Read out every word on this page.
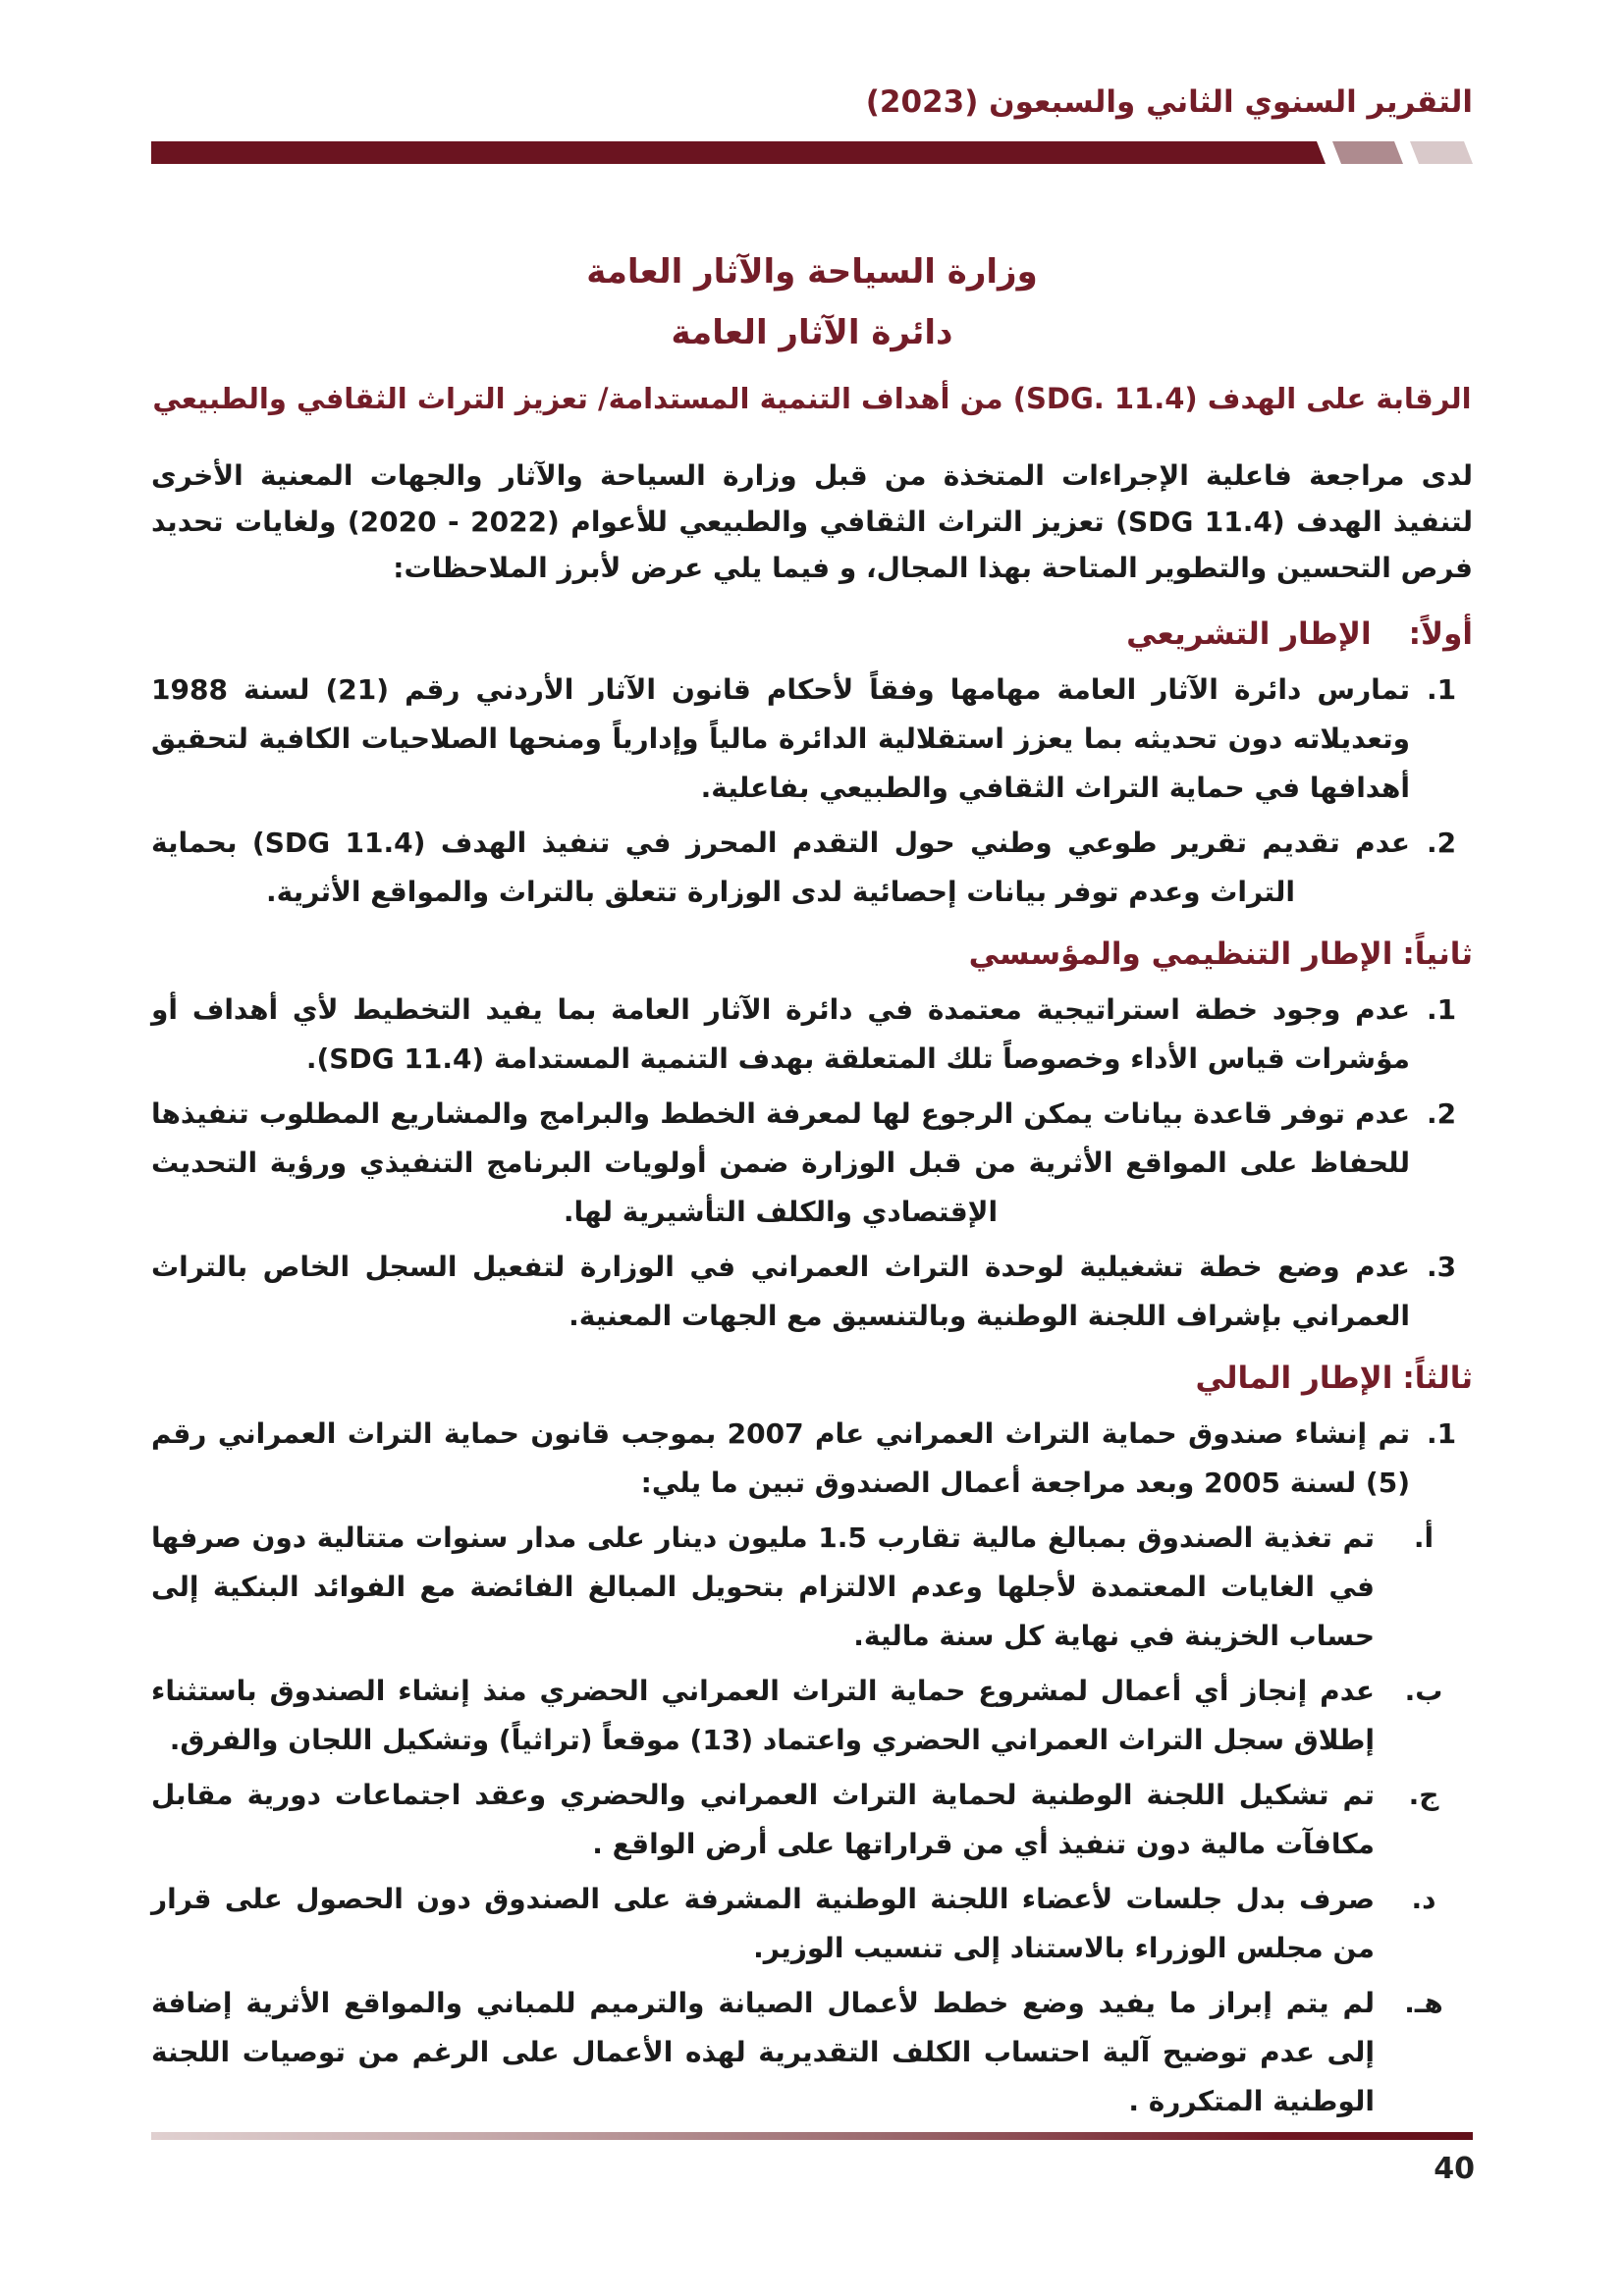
التقرير السنوي الثاني والسبعون (2023)
وزارة السياحة والآثار العامة
دائرة الآثار العامة
الرقابة على الهدف ‪(SDG. 11.4)‬ من أهداف التنمية المستدامة/ تعزيز التراث الثقافي والطبيعي
لدى مراجعة فاعلية الإجراءات المتخذة من قبل وزارة السياحة والآثار والجهات المعنية الأخرى لتنفيذ الهدف ‪(SDG 11.4)‬ تعزيز التراث الثقافي والطبيعي للأعوام ‪(2020 - 2022)‬ ولغايات تحديد فرص التحسين والتطوير المتاحة بهذا المجال، و فيما يلي عرض لأبرز الملاحظات:
أولاً:الإطار التشريعي
1.
تمارس دائرة الآثار العامة مهامها وفقاً لأحكام قانون الآثار الأردني رقم (21) لسنة 1988 وتعديلاته دون تحديثه بما يعزز استقلالية الدائرة مالياً وإدارياً ومنحها الصلاحيات الكافية لتحقيق أهدافها في حماية التراث الثقافي والطبيعي بفاعلية.
2.
عدم تقديم تقرير طوعي وطني حول التقدم المحرز في تنفيذ الهدف ‪(SDG 11.4)‬ بحماية التراث وعدم توفر بيانات إحصائية لدى الوزارة تتعلق بالتراث والمواقع الأثرية.
ثانياً:الإطار التنظيمي والمؤسسي
1.
عدم وجود خطة استراتيجية معتمدة في دائرة الآثار العامة بما يفيد التخطيط لأي أهداف أو مؤشرات قياس الأداء وخصوصاً تلك المتعلقة بهدف التنمية المستدامة ‪(SDG 11.4)‬.
2.
عدم توفر قاعدة بيانات يمكن الرجوع لها لمعرفة الخطط والبرامج والمشاريع المطلوب تنفيذها للحفاظ على المواقع الأثرية من قبل الوزارة ضمن أولويات البرنامج التنفيذي ورؤية التحديث الإقتصادي والكلف التأشيرية لها.
3.
عدم وضع خطة تشغيلية لوحدة التراث العمراني في الوزارة لتفعيل السجل الخاص بالتراث العمراني بإشراف اللجنة الوطنية وبالتنسيق مع الجهات المعنية.
ثالثاً:الإطار المالي
1.
تم إنشاء صندوق حماية التراث العمراني عام 2007 بموجب قانون حماية التراث العمراني رقم (5) لسنة 2005 وبعد مراجعة أعمال الصندوق تبين ما يلي:
أ.
تم تغذية الصندوق بمبالغ مالية تقارب 1.5 مليون دينار على مدار سنوات متتالية دون صرفها في الغايات المعتمدة لأجلها وعدم الالتزام بتحويل المبالغ الفائضة مع الفوائد البنكية إلى حساب الخزينة في نهاية كل سنة مالية.
ب.
عدم إنجاز أي أعمال لمشروع حماية التراث العمراني الحضري منذ إنشاء الصندوق باستثناء إطلاق سجل التراث العمراني الحضري واعتماد (13) موقعاً (تراثياً) وتشكيل اللجان والفرق.
ج.
تم تشكيل اللجنة الوطنية لحماية التراث العمراني والحضري وعقد اجتماعات دورية مقابل مكافآت مالية دون تنفيذ أي من قراراتها على أرض الواقع .
د.
صرف بدل جلسات لأعضاء اللجنة الوطنية المشرفة على الصندوق دون الحصول على قرار من مجلس الوزراء بالاستناد إلى تنسيب الوزير.
هـ.
لم يتم إبراز ما يفيد وضع خطط لأعمال الصيانة والترميم للمباني والمواقع الأثرية إضافة إلى عدم توضيح آلية احتساب الكلف التقديرية لهذه الأعمال على الرغم من توصيات اللجنة الوطنية المتكررة .
40
